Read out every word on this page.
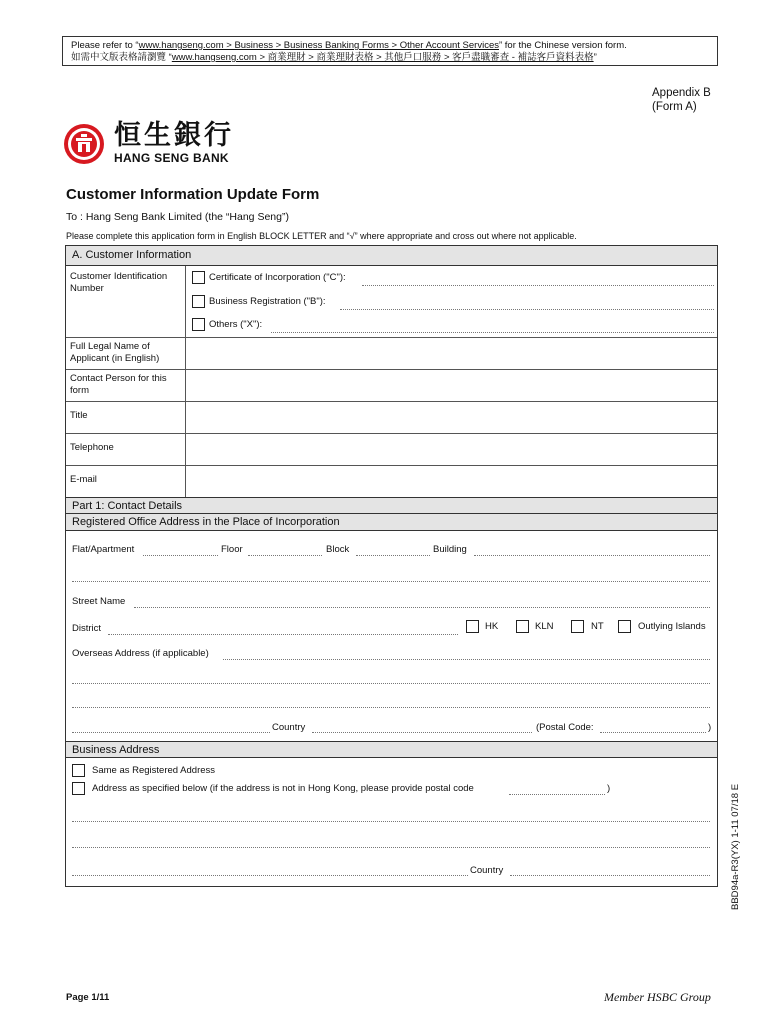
Please refer to “www.hangseng.com > Business > Business Banking Forms > Other Account Services” for the Chinese version form.
如需中文版表格請瀏覽 “www.hangseng.com > 商業理財 > 商業理財表格 > 其他戶口服務 > 客戶盡職審查 - 補誌客戶資料表格”
Appendix B
(Form A)
恒生銀行
HANG SENG BANK
Customer Information Update Form
To : Hang Seng Bank Limited (the “Hang Seng”)
Please complete this application form in English BLOCK LETTER and “√” where appropriate and cross out where not applicable.
A. Customer Information
Customer Identification Number
Certificate of Incorporation ("C"):
Business Registration ("B"):
Others ("X"):
Full Legal Name of Applicant (in English)
Contact Person for this form
Title
Telephone
E-mail
Part 1: Contact Details
Registered Office Address in the Place of Incorporation
Flat/Apartment	Floor	Block	Building
Street Name
District	HK	KLN	NT	Outlying Islands
Overseas Address (if applicable)
Country	(Postal Code:	)
Business Address
Same as Registered Address
Address as specified below (if the address is not in Hong Kong, please provide postal code	)
Country	BBD94a-R3(YX) 1-11 07/18 E
Page 1/11	Member HSBC Group
